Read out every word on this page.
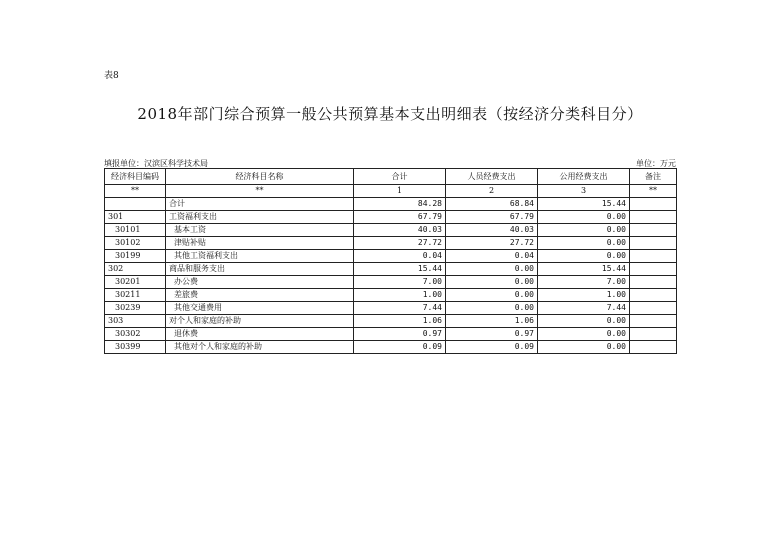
表8
2018年部门综合预算一般公共预算基本支出明细表（按经济分类科目分）
填报单位：汉滨区科学技术局	单位：万元
经济科目编码	经济科目名称	合计	人员经费支出	公用经费支出	备注
**	**	1	2	3	**
	合计	84.28	68.84	15.44	
301	工资福利支出	67.79	67.79	0.00	
30101	基本工资	40.03	40.03	0.00	
30102	津贴补贴	27.72	27.72	0.00	
30199	其他工资福利支出	0.04	0.04	0.00	
302	商品和服务支出	15.44	0.00	15.44	
30201	办公费	7.00	0.00	7.00	
30211	差旅费	1.00	0.00	1.00	
30239	其他交通费用	7.44	0.00	7.44	
303	对个人和家庭的补助	1.06	1.06	0.00	
30302	退休费	0.97	0.97	0.00	
30399	其他对个人和家庭的补助	0.09	0.09	0.00	
